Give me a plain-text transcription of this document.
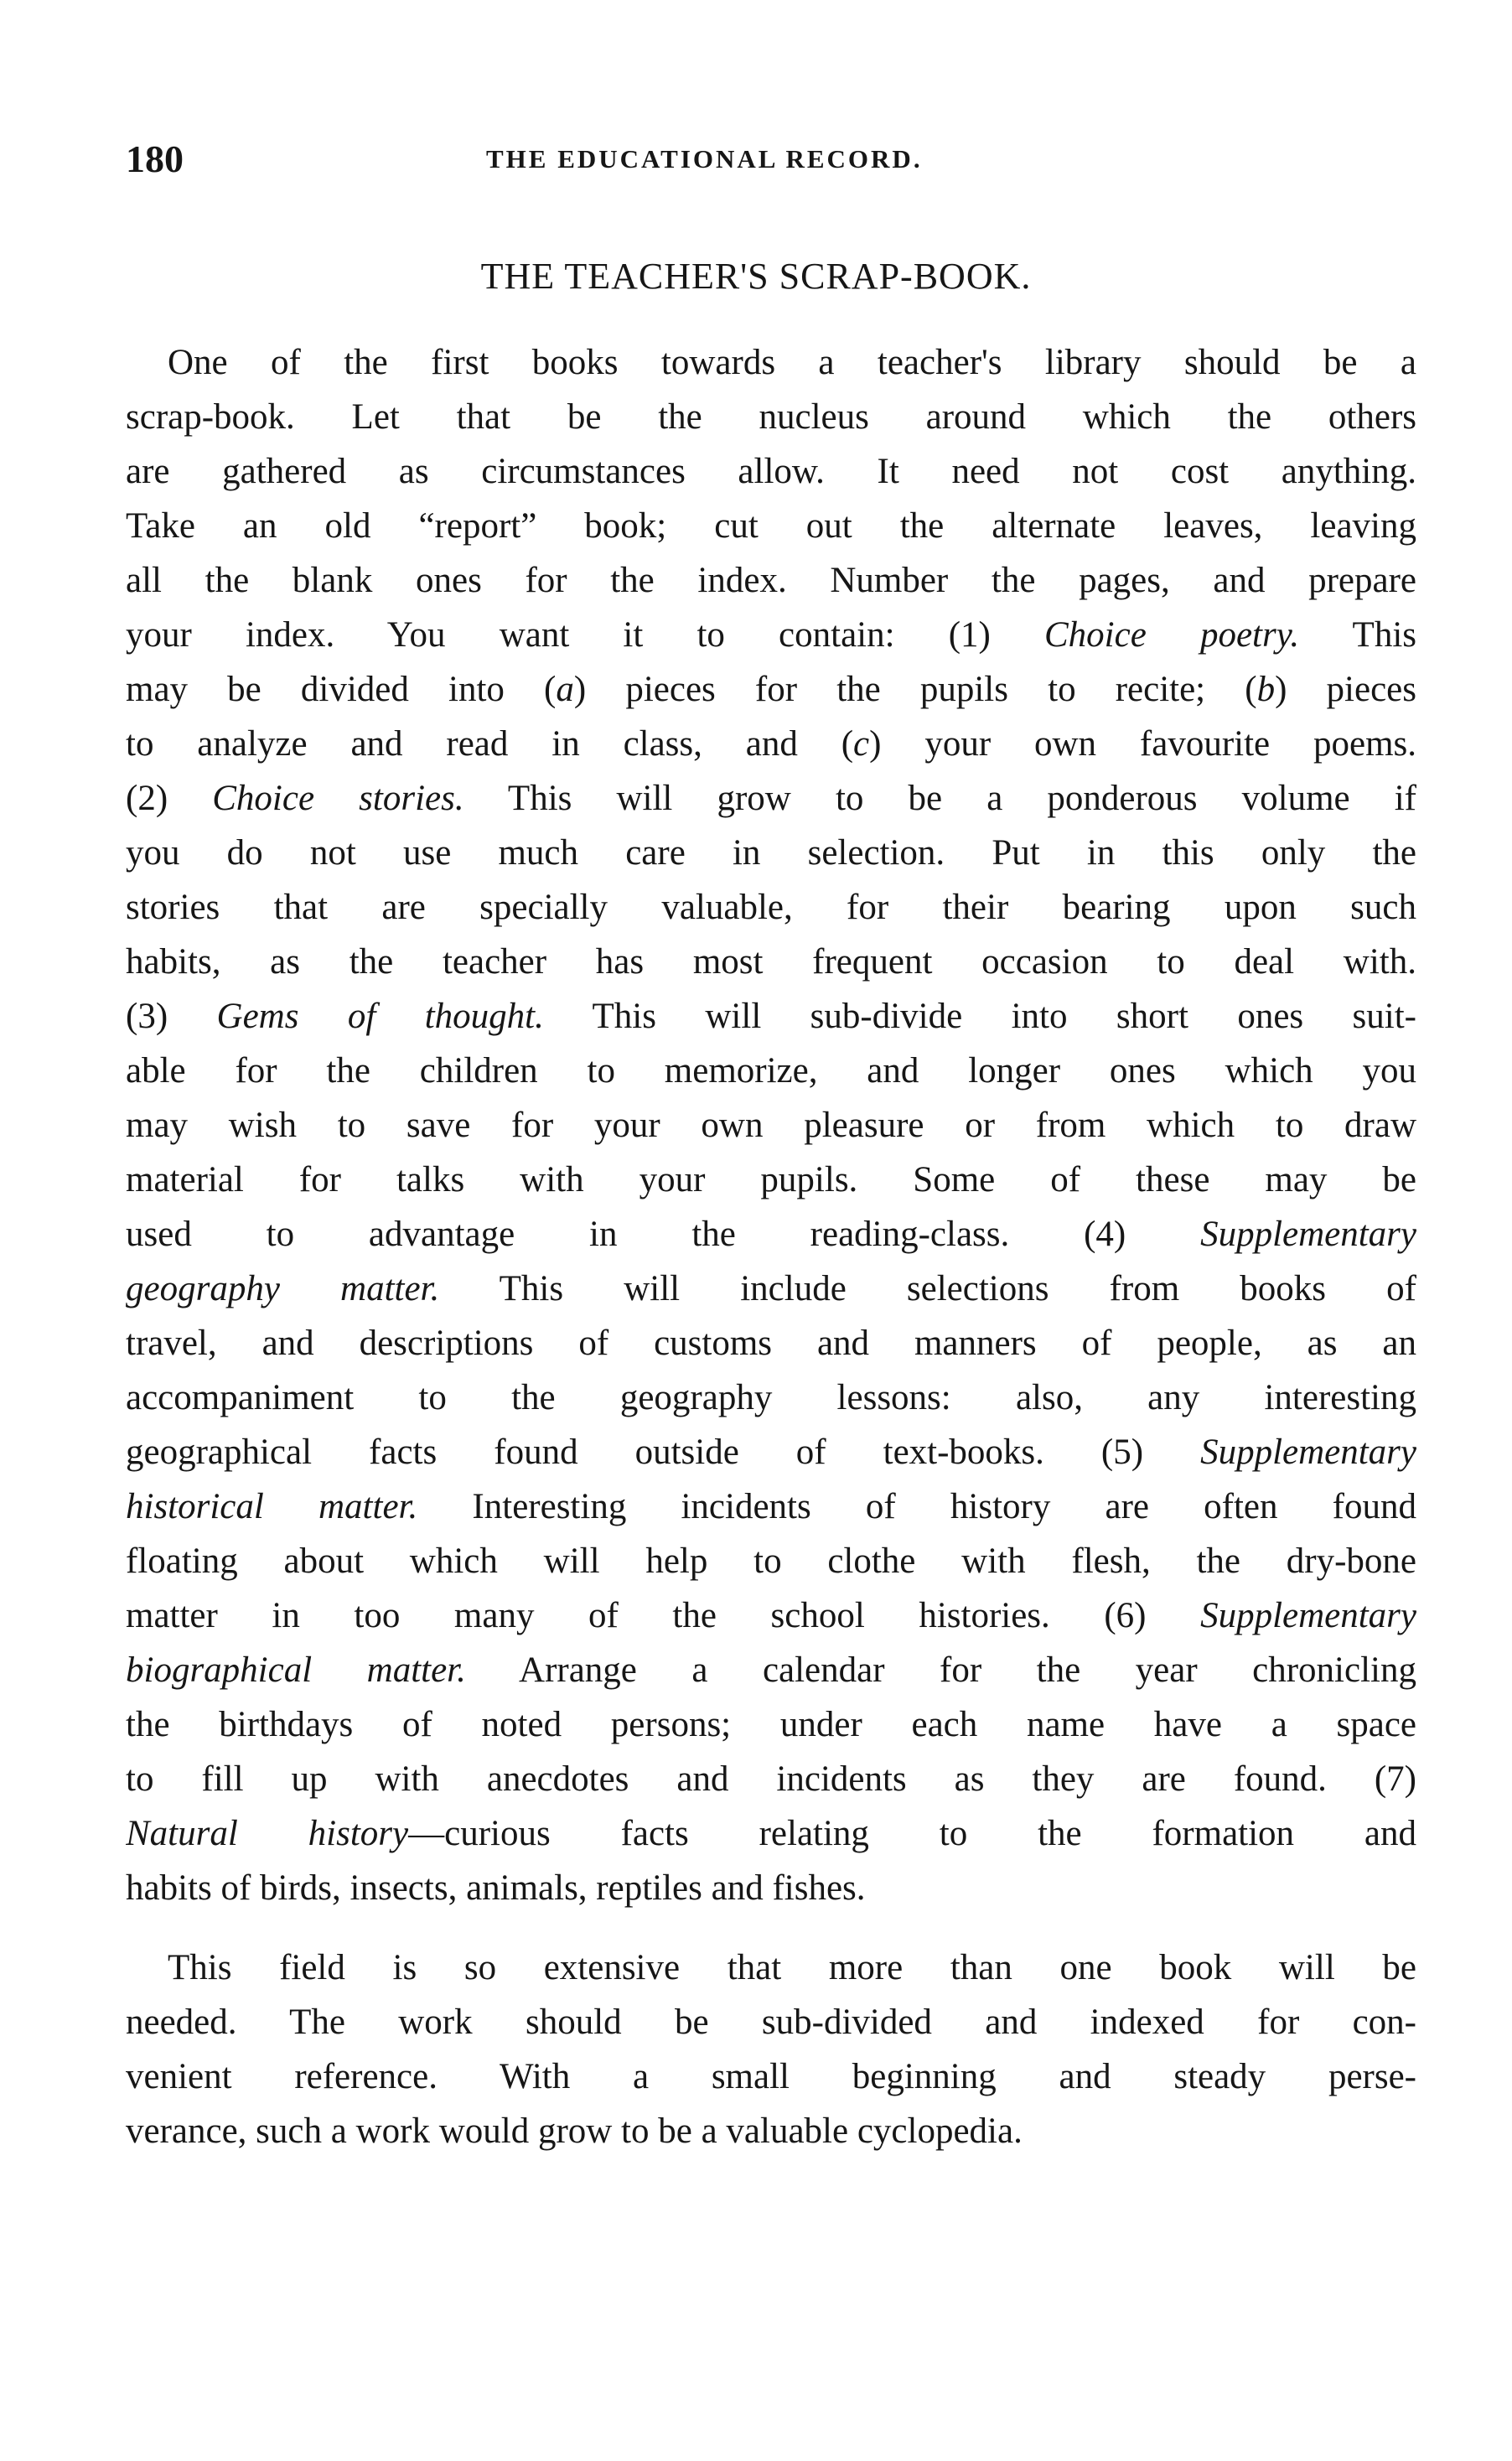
180	THE EDUCATIONAL RECORD.
THE TEACHER'S SCRAP-BOOK.
One of the first books towards a teacher's library should be a
scrap-book. Let that be the nucleus around which the others
are gathered as circumstances allow. It need not cost anything.
Take an old “report” book; cut out the alternate leaves, leaving
all the blank ones for the index. Number the pages, and prepare
your index. You want it to contain: (1) Choice poetry. This
may be divided into (a) pieces for the pupils to recite; (b) pieces
to analyze and read in class, and (c) your own favourite poems.
(2) Choice stories. This will grow to be a ponderous volume if
you do not use much care in selection. Put in this only the
stories that are specially valuable, for their bearing upon such
habits, as the teacher has most frequent occasion to deal with.
(3) Gems of thought. This will sub-divide into short ones suit-
able for the children to memorize, and longer ones which you
may wish to save for your own pleasure or from which to draw
material for talks with your pupils. Some of these may be
used to advantage in the reading-class. (4) Supplementary
geography matter. This will include selections from books of
travel, and descriptions of customs and manners of people, as an
accompaniment to the geography lessons: also, any interesting
geographical facts found outside of text-books. (5) Supplementary
historical matter. Interesting incidents of history are often found
floating about which will help to clothe with flesh, the dry-bone
matter in too many of the school histories. (6) Supplementary
biographical matter. Arrange a calendar for the year chronicling
the birthdays of noted persons; under each name have a space
to fill up with anecdotes and incidents as they are found. (7)
Natural history—curious facts relating to the formation and
habits of birds, insects, animals, reptiles and fishes.
This field is so extensive that more than one book will be
needed. The work should be sub-divided and indexed for con-
venient reference. With a small beginning and steady perse-
verance, such a work would grow to be a valuable cyclopedia.
